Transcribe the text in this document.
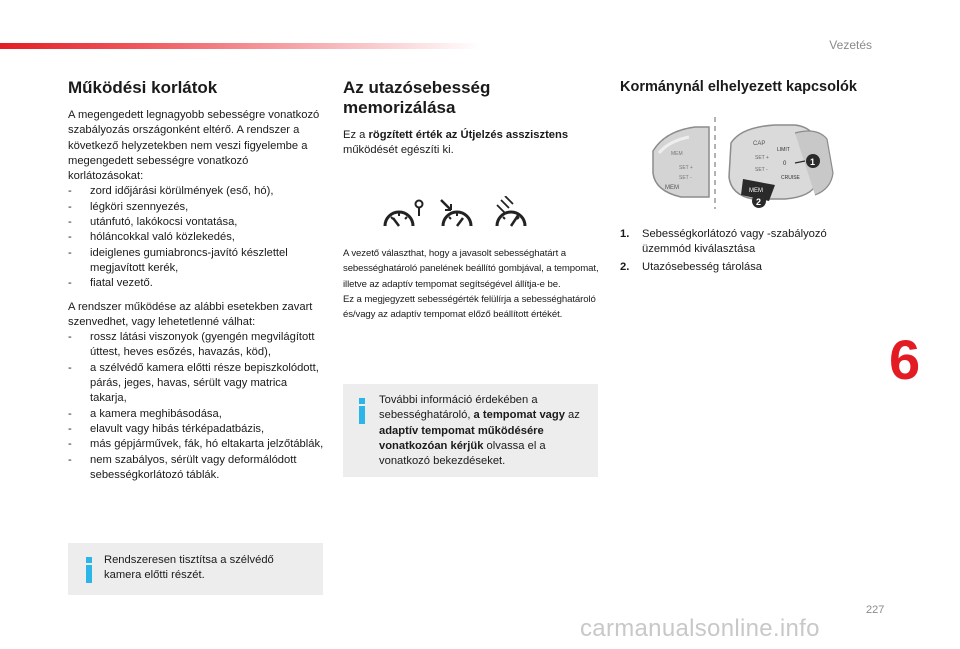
Vezetés
Működési korlátok

A megengedett legnagyobb sebességre vonatkozó szabályozás országonként eltérő. A rendszer a következő helyzetekben nem veszi figyelembe a megengedett sebességre vonatkozó korlátozásokat:

- zord időjárási körülmények (eső, hó),
- légköri szennyezés,
- utánfutó, lakókocsi vontatása,
- hóláncokkal való közlekedés,
- ideiglenes gumiabroncs-javító készlettel megjavított kerék,
- fiatal vezető.

A rendszer működése az alábbi esetekben zavart szenvedhet, vagy lehetetlenné válhat:

- rossz látási viszonyok (gyengén megvilágított úttest, heves esőzés, havazás, köd),
- a szélvédő kamera előtti része bepiszkolódott, párás, jeges, havas, sérült vagy matrica takarja,
- a kamera meghibásodása,
- elavult vagy hibás térképadatbázis,
- más gépjárművek, fák, hó eltakarta jelzőtáblák,
- nem szabályos, sérült vagy deformálódott sebességkorlátozó táblák.
Rendszeresen tisztítsa a szélvédő kamera előtti részét.
Az utazósebesség
memorizálása

Ez a rögzített érték az Útjelzés asszisztens működését egészíti ki.

A vezető választhat, hogy a javasolt sebességhatárt a sebességhatároló panelének beállító gombjával, a tempomat, illetve az adaptív tempomat segítségével állítja-e be.

Ez a megjegyzett sebességérték felülírja a sebességhatároló és/vagy az adaptív tempomat előző beállított értékét.

További információ érdekében a sebességhatároló, a tempomat vagy az adaptív tempomat működésére vonatkozóan kérjük olvassa el a vonatkozó bekezdéseket.
Kormánynál elhelyezett kapcsolók
MEM
MEM
SET +
SET -
CAP
SET +
SET -
LIMIT
0
CRUISE
MEM
1
2
1. Sebességkorlátozó vagy -szabályozó üzemmód kiválasztása
2. Utazósebesség tárolása
6
227
carmanualsonline.info
